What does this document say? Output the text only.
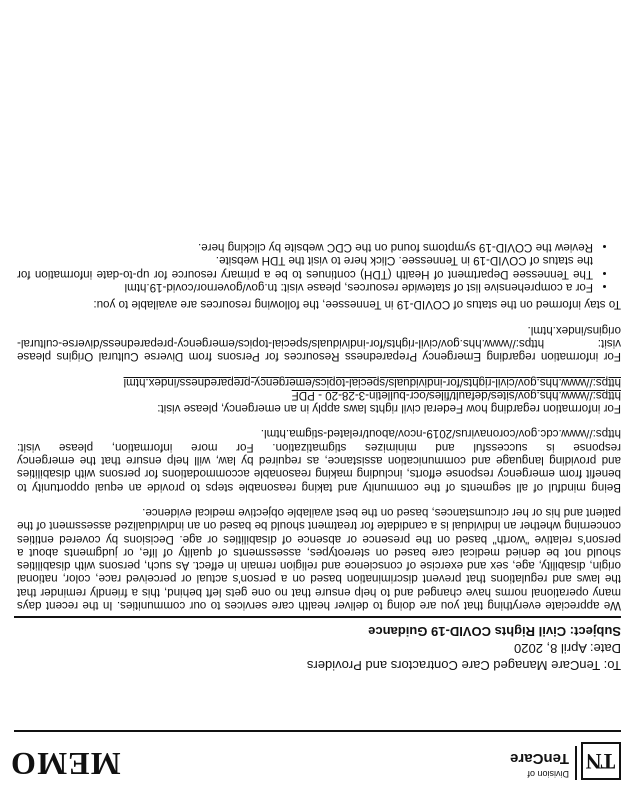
TN
Division of
TenCare
MEMO
To: TenCare Managed Care Contractors and Providers
Date: April 8, 2020
Subject: Civil Rights COVID-19 Guidance

We appreciate everything that you are doing to deliver health care services to our communities. In the recent days many operational norms have changed and to help ensure that no one gets left behind, this a friendly reminder that the laws and regulations that prevent discrimination based on a person's actual or perceived race, color, national origin, disability, age, sex and exercise of conscience and religion remain in effect. As such, persons with disabilities should not be denied medical care based on stereotypes, assessments of quality of life, or judgments about a person's relative "worth" based on the presence or absence of disabilities or age. Decisions by covered entities concerning whether an individual is a candidate for treatment should be based on an individualized assessment of the patient and his or her circumstances, based on the best available objective medical evidence.

Being mindful of all segments of the community and taking reasonable steps to provide an equal opportunity to benefit from emergency response efforts, including making reasonable accommodations for persons with disabilities and providing language and communication assistance, as required by law, will help ensure that the emergency response is successful and minimizes stigmatization. For more information, please visit: https://www.cdc.gov/coronavirus/2019-ncov/about/related-stigma.html.

For information regarding how Federal civil rights laws apply in an emergency, please visit:
https://www.hhs.gov/sites/default/files/ocr-bulletin-3-28-20 - PDF
https://www.hhs.gov/civil-rights/for-individuals/special-topics/emergency-preparedness/index.html

For information regarding Emergency Preparedness Resources for Persons from Diverse Cultural Origins please visit: https://www.hhs.gov/civil-rights/for-individuals/special-topics/emergency-preparedness/diverse-cultural-origins/index.html.

To stay informed on the status of COVID-19 in Tennessee, the following resources are available to you:

• For a comprehensive list of statewide resources, please visit: tn.gov/governor/covid-19.html
• The Tennessee Department of Health (TDH) continues to be a primary resource for up-to-date information for the status of COVID-19 in Tennessee. Click here to visit the TDH website.
• Review the COVID-19 symptoms found on the CDC website by clicking here.
